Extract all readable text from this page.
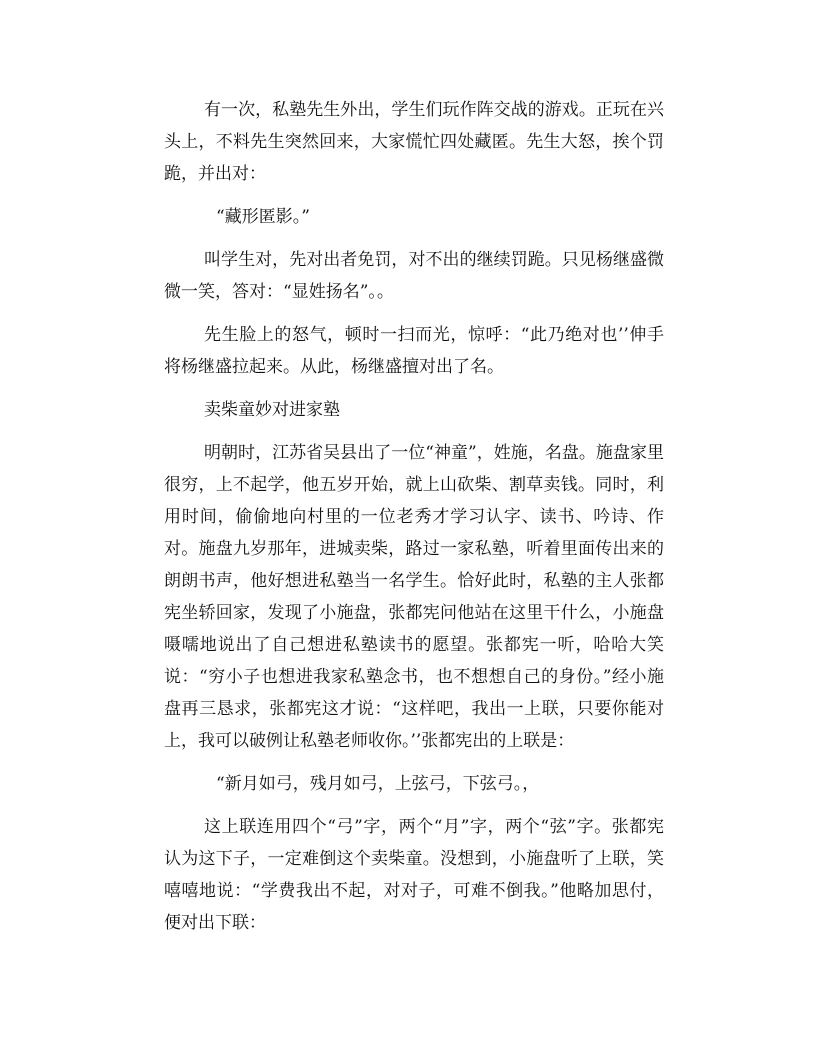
有一次，私塾先生外出，学生们玩作阵交战的游戏。正玩在兴头上，不料先生突然回来，大家慌忙四处藏匿。先生大怒，挨个罚跪，并出对：

“藏形匿影。”

叫学生对，先对出者免罚，对不出的继续罚跪。只见杨继盛微微一笑，答对：“显姓扬名”。。

先生脸上的怒气，顿时一扫而光，惊呼：“此乃绝对也’’伸手将杨继盛拉起来。从此，杨继盛擅对出了名。

卖柴童妙对进家塾

明朝时，江苏省吴县出了一位“神童”，姓施，名盘。施盘家里很穷，上不起学，他五岁开始，就上山砍柴、割草卖钱。同时，利用时间，偷偷地向村里的一位老秀才学习认字、读书、吟诗、作对。施盘九岁那年，进城卖柴，路过一家私塾，听着里面传出来的朗朗书声，他好想进私塾当一名学生。恰好此时，私塾的主人张都宪坐轿回家，发现了小施盘，张都宪问他站在这里干什么，小施盘嗫嚅地说出了自己想进私塾读书的愿望。张都宪一听，哈哈大笑说：“穷小子也想进我家私塾念书，也不想想自己的身份。”经小施盘再三恳求，张都宪这才说：“这样吧，我出一上联，只要你能对上，我可以破例让私塾老师收你。’’张都宪出的上联是：

“新月如弓，残月如弓，上弦弓，下弦弓。，

这上联连用四个“弓”字，两个“月”字，两个“弦”字。张都宪认为这下子，一定难倒这个卖柴童。没想到，小施盘听了上联，笑嘻嘻地说：“学费我出不起，对对子，可难不倒我。”他略加思付，便对出下联：
